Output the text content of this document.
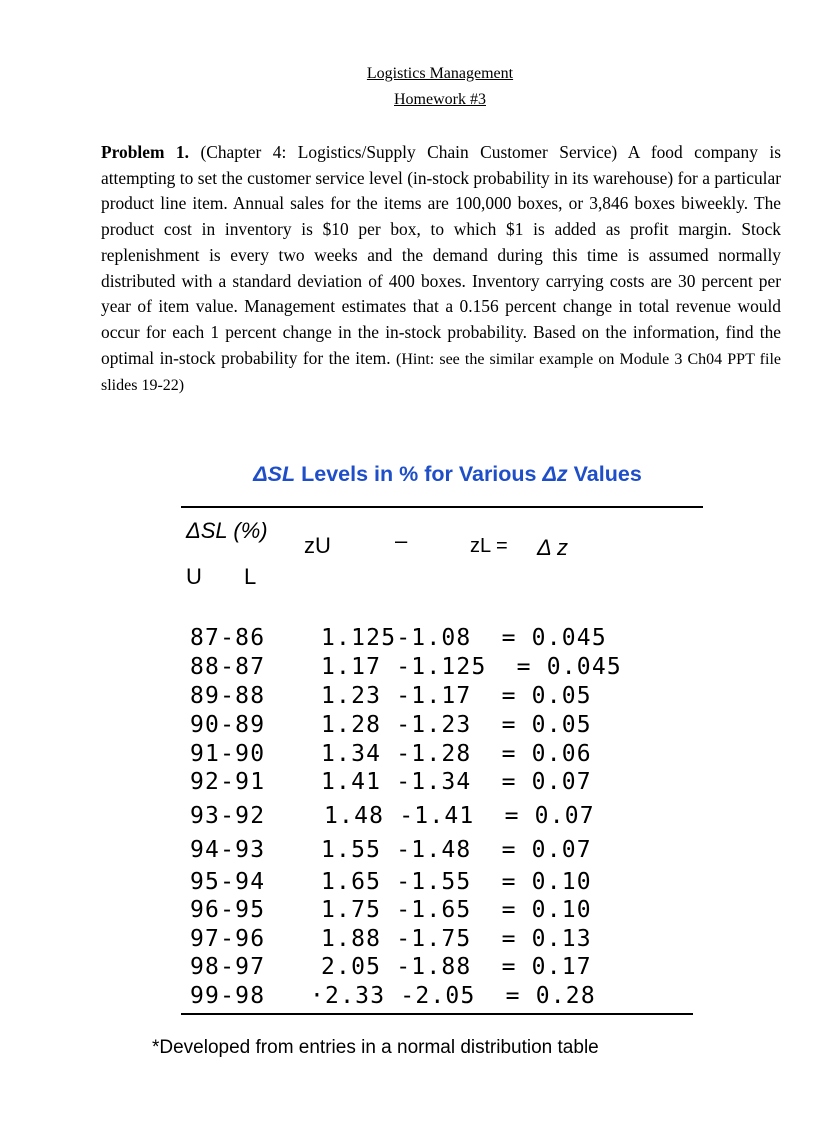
Logistics Management
Homework #3
Problem 1. (Chapter 4: Logistics/Supply Chain Customer Service) A food company is attempting to set the customer service level (in-stock probability in its warehouse) for a particular product line item. Annual sales for the items are 100,000 boxes, or 3,846 boxes biweekly. The product cost in inventory is $10 per box, to which $1 is added as profit margin. Stock replenishment is every two weeks and the demand during this time is assumed normally distributed with a standard deviation of 400 boxes. Inventory carrying costs are 30 percent per year of item value. Management estimates that a 0.156 percent change in total revenue would occur for each 1 percent change in the in-stock probability. Based on the information, find the optimal in-stock probability for the item. (Hint: see the similar example on Module 3 Ch04 PPT file slides 19-22)
ΔSL Levels in % for Various Δz Values
ΔSL (%)
zU	–	zL = Δ z
U L
87-86 1.125-1.08  = 0.045
88-87 1.17 -1.125  = 0.045
89-88 1.23 -1.17  = 0.05
90-89 1.28 -1.23  = 0.05
91-90 1.34 -1.28  = 0.06
92-91 1.41 -1.34  = 0.07
93-92	1.48 -1.41  = 0.07
94-93 1.55 -1.48  = 0.07
95-94 1.65 -1.55  = 0.10
96-95 1.75 -1.65  = 0.10
97-96 1.88 -1.75  = 0.13
98-97 2.05 -1.88  = 0.17
99-98 ·2.33 -2.05  = 0.28
*Developed from entries in a normal distribution table
